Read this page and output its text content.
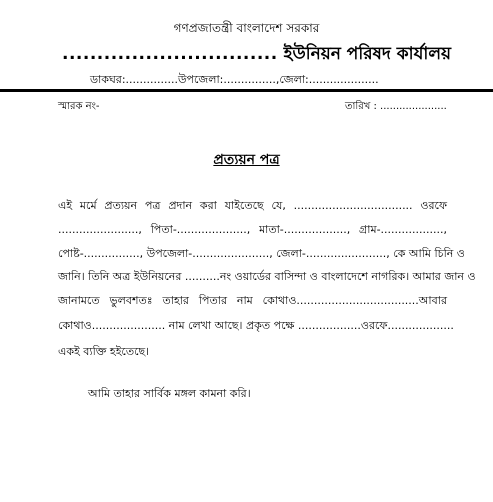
গণপ্রজাতন্ত্রী বাংলাদেশ সরকার
............................... ইউনিয়ন পরিষদ কার্যালয়
ডাকঘর:...............উপজেলা:...............,জেলা:....................
স্মারক নং-	তারিখ : .....................
প্রত্যয়ন পত্র
এই মর্মে প্রত্যয়ন পত্র প্রদান করা যাইতেছে যে, .................................. ওরফে
......................., পিতা-...................., মাতা-.................., গ্রাম-..................,
পোষ্ট-................, উপজেলা-......................, জেলা-......................., কে আমি চিনি ও
জানি। তিনি অত্র ইউনিয়নের ..........নং ওয়ার্ডের বাসিন্দা ও বাংলাদেশে নাগরিক। আমার জান ও
জানামতে ভুলবশতঃ তাহার পিতার নাম কোথাও...................................আবার
কোথাও..................... নাম লেখা আছে। প্রকৃত পক্ষে ..................ওরফে...................
একই ব্যক্তি হইতেছে।
আমি তাহার সার্বিক মঙ্গল কামনা করি।
